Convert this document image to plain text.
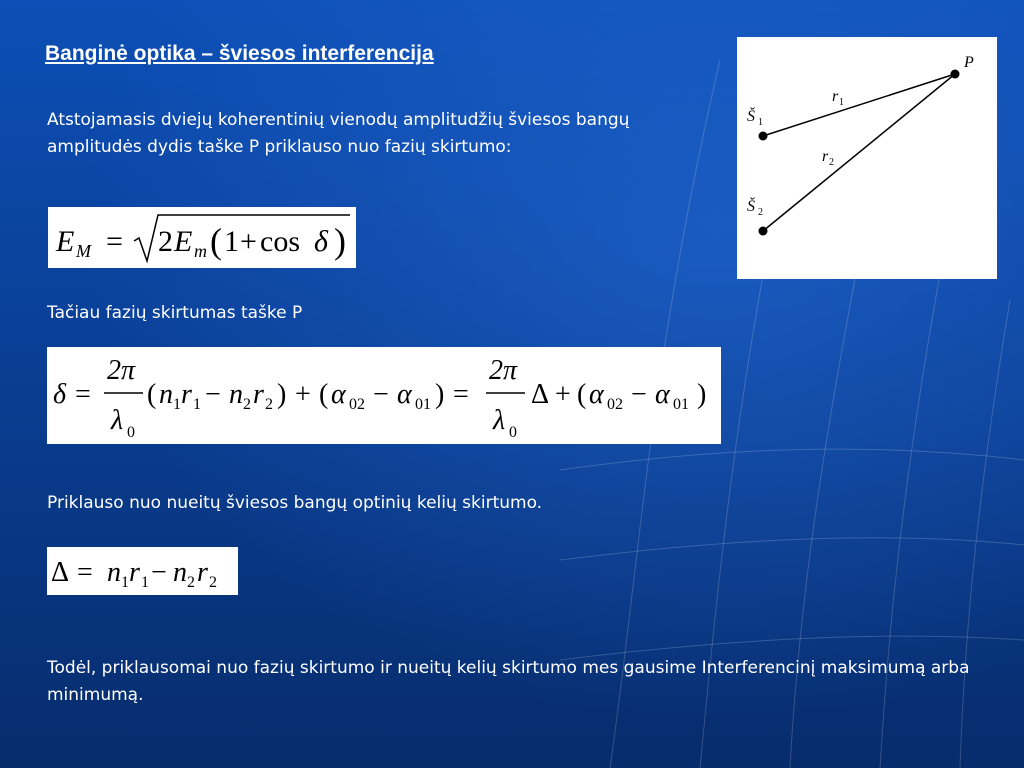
Banginė optika – šviesos interferencija

Atstojamasis dviejų koherentinių vienodų amplitudžių šviesos bangų amplitudės dydis taške P priklauso nuo fazių skirtumo:

E M = 2 E m ( 1 + cos δ )

Tačiau fazių skirtumas taške P

δ =
2π
λ 0
( n 1 r 1 − n 2 r 2 ) + ( α 02 − α 01 ) =
2π
λ 0
Δ + ( α 02 − α 01 )

Priklauso nuo nueitų šviesos bangų optinių kelių skirtumo.

Δ = n 1 r 1 − n 2 r 2

Todėl, priklausomai nuo fazių skirtumo ir nueitų kelių skirtumo mes gausime Interferencinį maksimumą arba minimumą.

P
Š 1
Š 2
r 1
r 2
